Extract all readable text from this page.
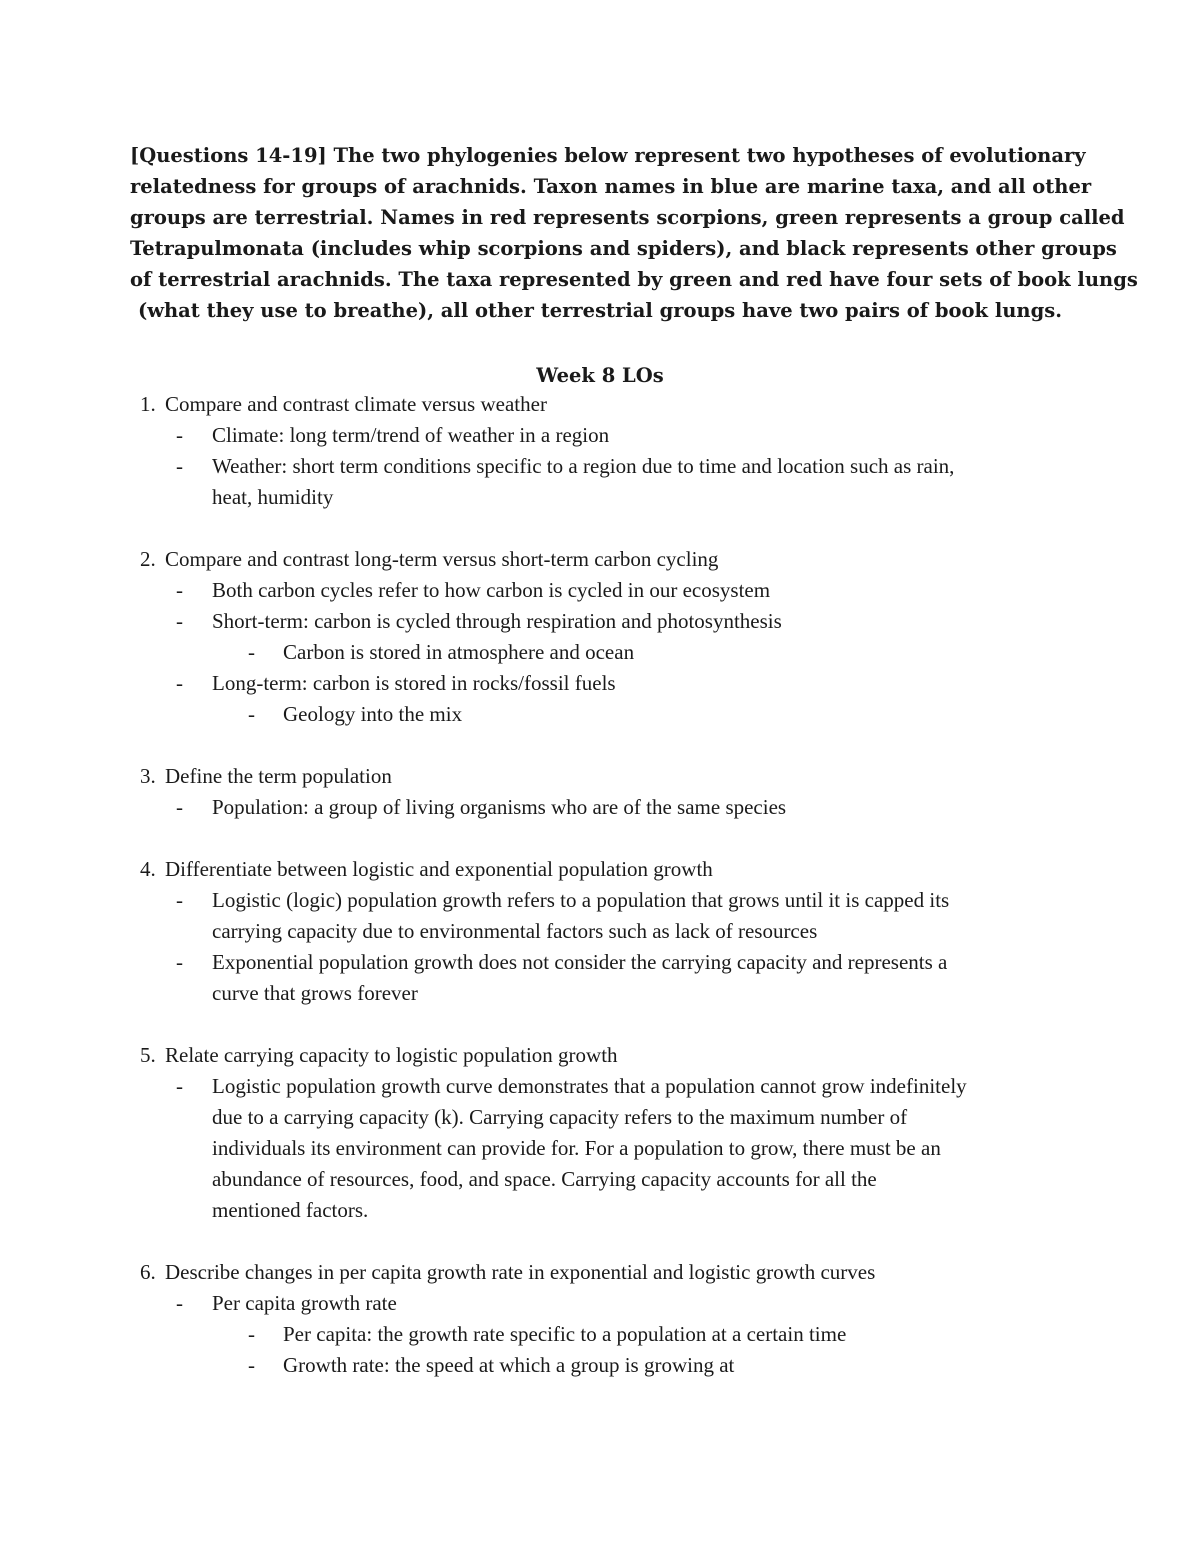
[Questions 14-19] The two phylogenies below represent two hypotheses of evolutionary
relatedness for groups of arachnids. Taxon names in blue are marine taxa, and all other
groups are terrestrial. Names in red represents scorpions, green represents a group called
Tetrapulmonata (includes whip scorpions and spiders), and black represents other groups
of terrestrial arachnids. The taxa represented by green and red have four sets of book lungs
(what they use to breathe), all other terrestrial groups have two pairs of book lungs.
Week 8 LOs
1. Compare and contrast climate versus weather
- Climate: long term/trend of weather in a region
- Weather: short term conditions specific to a region due to time and location such as rain,
heat, humidity
2. Compare and contrast long-term versus short-term carbon cycling
- Both carbon cycles refer to how carbon is cycled in our ecosystem
- Short-term: carbon is cycled through respiration and photosynthesis
- Carbon is stored in atmosphere and ocean
- Long-term: carbon is stored in rocks/fossil fuels
- Geology into the mix
3. Define the term population
- Population: a group of living organisms who are of the same species
4. Differentiate between logistic and exponential population growth
- Logistic (logic) population growth refers to a population that grows until it is capped its
carrying capacity due to environmental factors such as lack of resources
- Exponential population growth does not consider the carrying capacity and represents a
curve that grows forever
5. Relate carrying capacity to logistic population growth
- Logistic population growth curve demonstrates that a population cannot grow indefinitely
due to a carrying capacity (k). Carrying capacity refers to the maximum number of
individuals its environment can provide for. For a population to grow, there must be an
abundance of resources, food, and space. Carrying capacity accounts for all the
mentioned factors.
6. Describe changes in per capita growth rate in exponential and logistic growth curves
- Per capita growth rate
- Per capita: the growth rate specific to a population at a certain time
- Growth rate: the speed at which a group is growing at
